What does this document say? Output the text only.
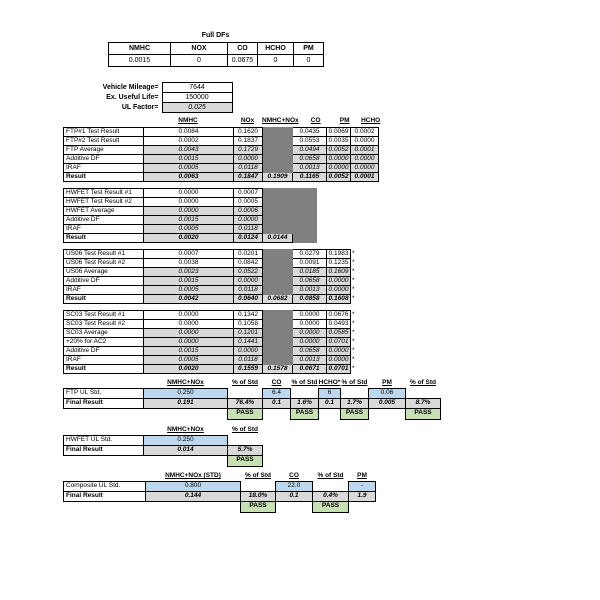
Full DFs
NMHC	NOX	CO	HCHO	PM
0.0015	0	0.0675	0	0
Vehicle Mileage=	7644
Ex. Useful Life=	150000
UL Factor=	0.025
	NMHC	NOx	NMHC+NOx	CO	PM	HCHO
FTP#1 Test Result	0.0084	0.1620		0.0435	0.0069	0.0002
FTP#2 Test Result	0.0002	0.1837		0.0553	0.0035	0.0000
FTP Average	0.0043	0.1729		0.0494	0.0052	0.0001
Additive DF	0.0015	0.0000		0.0658	0.0000	0.0000
IRAF	0.0005	0.0118		0.0013	0.0000	0.0000
Result	0.0063	0.1847	0.1909	0.1165	0.0052	0.0001
HWFET Test Result #1	0.0000	0.0007		
HWFET Test Result #2	0.0000	0.0005		
HWFET Average	0.0000	0.0006		
Additive DF	0.0015	0.0000		
IRAF	0.0005	0.0118		
Result	0.0020	0.0124	0.0144	
US06 Test Result #1	0.0007	0.0201		0.0279	0.1983	*
US06 Test Result #2	0.0038	0.0842		0.0091	0.1235	*
US06 Average	0.0023	0.0522		0.0185	0.1609	*
Additive DF	0.0015	0.0000		0.0658	0.0000	*
IRAF	0.0005	0.0118		0.0013	0.0000	*
Result	0.0042	0.0640	0.0682	0.0858	0.1608	*
SC03 Test Result #1	0.0000	0.1342		0.0000	0.0676	*
SC03 Test Result #2	0.0000	0.1058		0.0000	0.0493	*
SC03 Average	0.0000	0.1201		0.0000	0.0585	*
+20% for AC2	0.0000	0.1441		0.0000	0.0701	*
Additive DF	0.0015	0.0000		0.0658	0.0000	*
IRAF	0.0005	0.0118		0.0013	0.0000	*
Result	0.0020	0.1559	0.1578	0.0671	0.0701	*
	NMHC+NOx	% of Std	CO	% of Std	HCHO*	% of Std	PM	% of Std
FTP UL Std.	0.250		6.4		6		0.06	
Final Result	0.191	76.4%	0.1	1.6%	0.1	1.7%	0.005	8.7%
		PASS		PASS		PASS		PASS
	NMHC+NOx	% of Std
HWFET UL Std.	0.250	
Final Result	0.014	5.7%
		PASS
	NMHC+NOx (STD)	% of Std	CO	% of Std	PM
Composite UL Std.	0.800		22.0		-
Final Result	0.144	18.0%	0.1	0.4%	1.9
		PASS		PASS	
